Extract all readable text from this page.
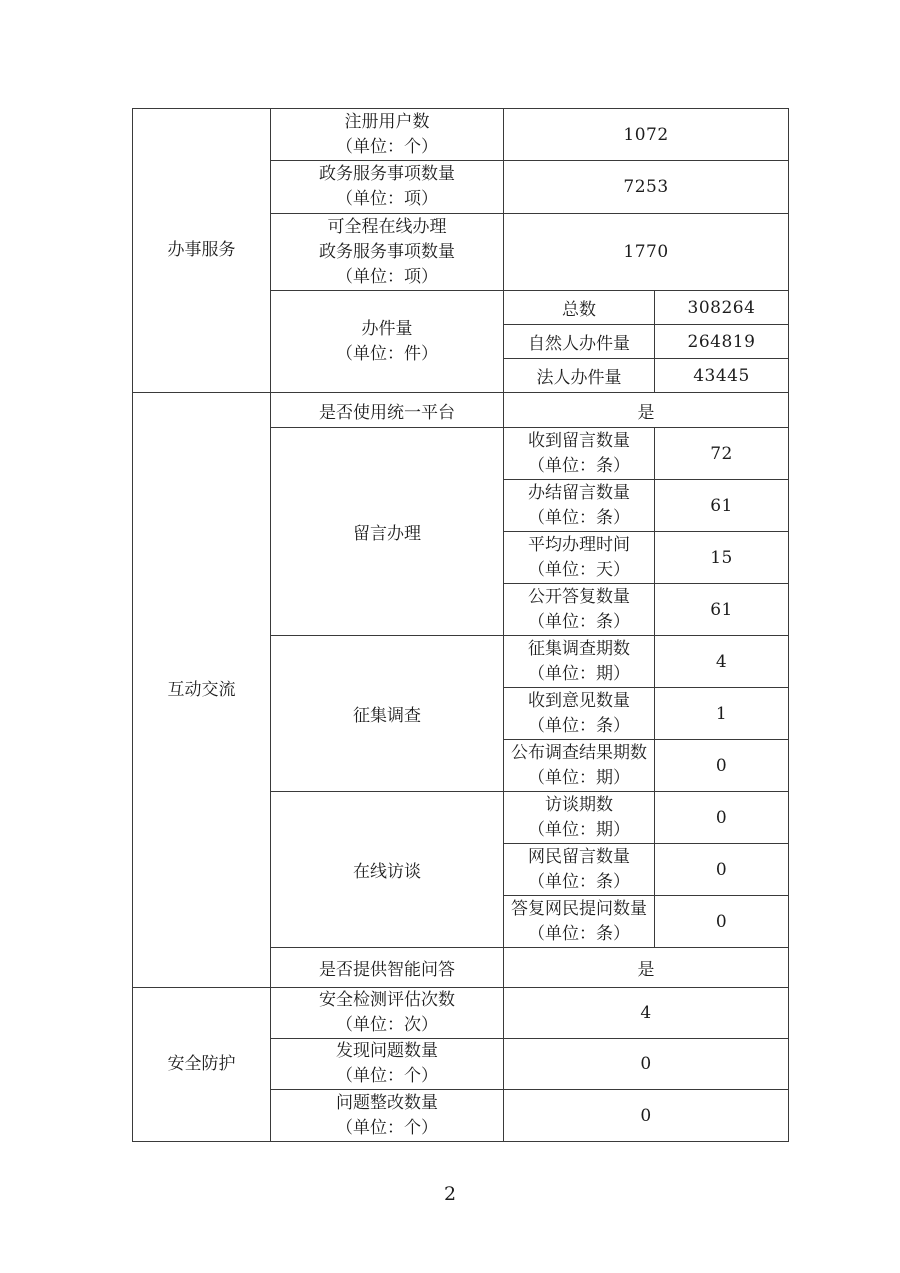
办事服务	注册用户数
（单位：个）	1072	

	政务服务事项数量
（单位：项）	7253	

	可全程在线办理
政务服务事项数量
（单位：项）	1770	

	办件量
（单位：件）	总数	308264
		自然人办件量	264819
		法人办件量	43445

互动交流	是否使用统一平台	是	
	留言办理	收到留言数量
（单位：条）	72

		办结留言数量
（单位：条）	61

		平均办理时间
（单位：天）	15

		公开答复数量
（单位：条）	61
	征集调查	征集调查期数
（单位：期）	4

		收到意见数量
（单位：条）	1

		公布调查结果期数
（单位：期）	0
	在线访谈	访谈期数
（单位：期）	0

		网民留言数量
（单位：条）	0

		答复网民提问数量
（单位：条）	0
	是否提供智能问答	是	

安全防护	安全检测评估次数
（单位：次）	4	

	发现问题数量
（单位：个）	0	

	问题整改数量
（单位：个）	0	
2
